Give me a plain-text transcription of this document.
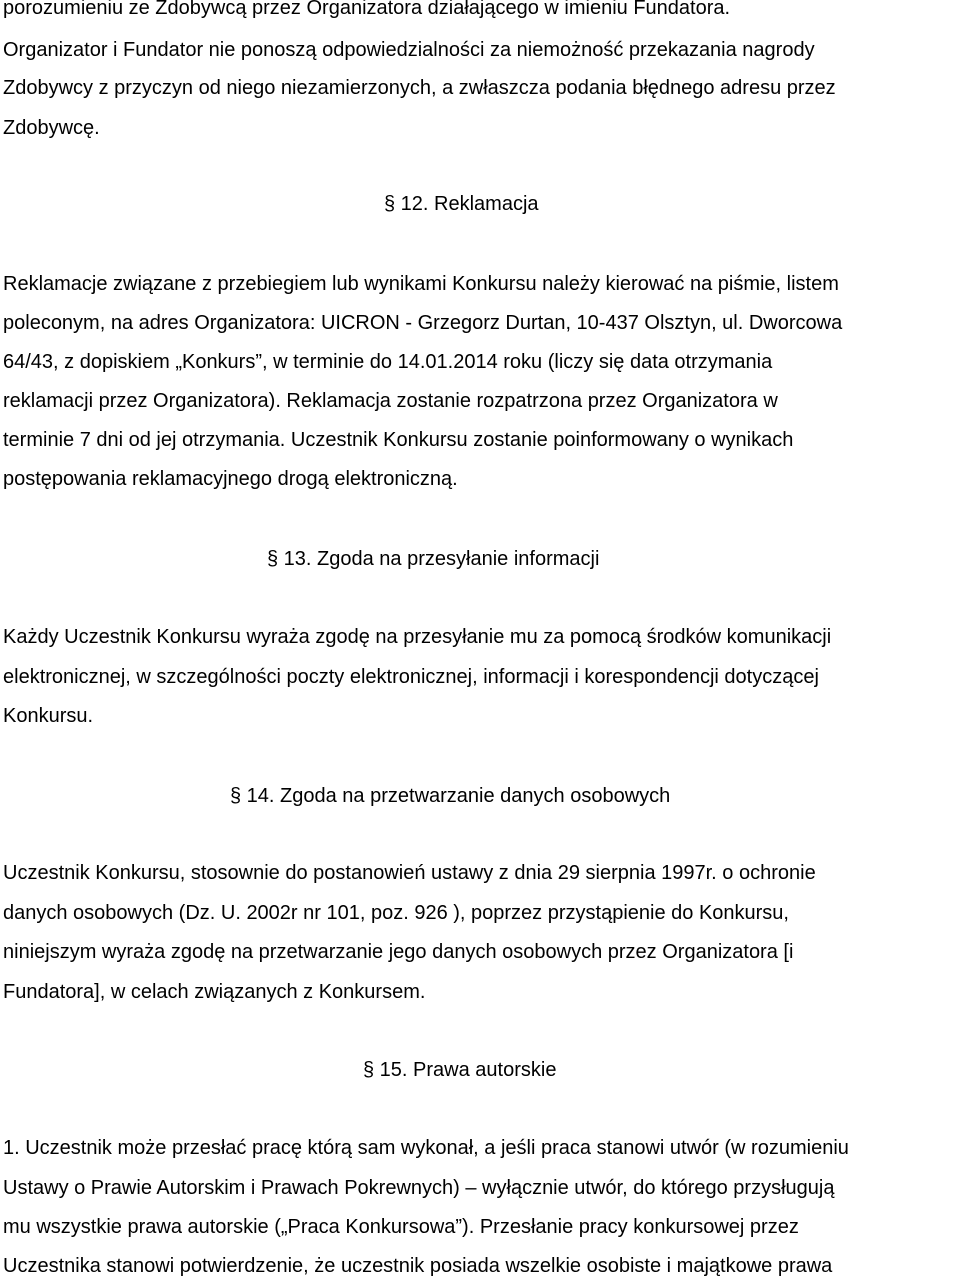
porozumieniu ze Zdobywcą przez Organizatora działającego w imieniu Fundatora.

Organizator i Fundator nie ponoszą odpowiedzialności za niemożność przekazania nagrody

Zdobywcy z przyczyn od niego niezamierzonych, a zwłaszcza podania błędnego adresu przez

Zdobywcę.

§ 12. Reklamacja

Reklamacje związane z przebiegiem lub wynikami Konkursu należy kierować na piśmie, listem

poleconym, na adres Organizatora: UICRON - Grzegorz Durtan, 10-437 Olsztyn, ul. Dworcowa

64/43, z dopiskiem „Konkurs”, w terminie do 14.01.2014 roku (liczy się data otrzymania

reklamacji przez Organizatora). Reklamacja zostanie rozpatrzona przez Organizatora w

terminie 7 dni od jej otrzymania. Uczestnik Konkursu zostanie poinformowany o wynikach

postępowania reklamacyjnego drogą elektroniczną.

§ 13. Zgoda na przesyłanie informacji

Każdy Uczestnik Konkursu wyraża zgodę na przesyłanie mu za pomocą środków komunikacji

elektronicznej, w szczególności poczty elektronicznej, informacji i korespondencji dotyczącej

Konkursu.

§ 14. Zgoda na przetwarzanie danych osobowych

Uczestnik Konkursu, stosownie do postanowień ustawy z dnia 29 sierpnia 1997r. o ochronie

danych osobowych (Dz. U. 2002r nr 101, poz. 926 ), poprzez przystąpienie do Konkursu,

niniejszym wyraża zgodę na przetwarzanie jego danych osobowych przez Organizatora [i

Fundatora], w celach związanych z Konkursem.

§ 15. Prawa autorskie

1. Uczestnik może przesłać pracę którą sam wykonał, a jeśli praca stanowi utwór (w rozumieniu

Ustawy o Prawie Autorskim i Prawach Pokrewnych) – wyłącznie utwór, do którego przysługują

mu wszystkie prawa autorskie („Praca Konkursowa”). Przesłanie pracy konkursowej przez

Uczestnika stanowi potwierdzenie, że uczestnik posiada wszelkie osobiste i majątkowe prawa
